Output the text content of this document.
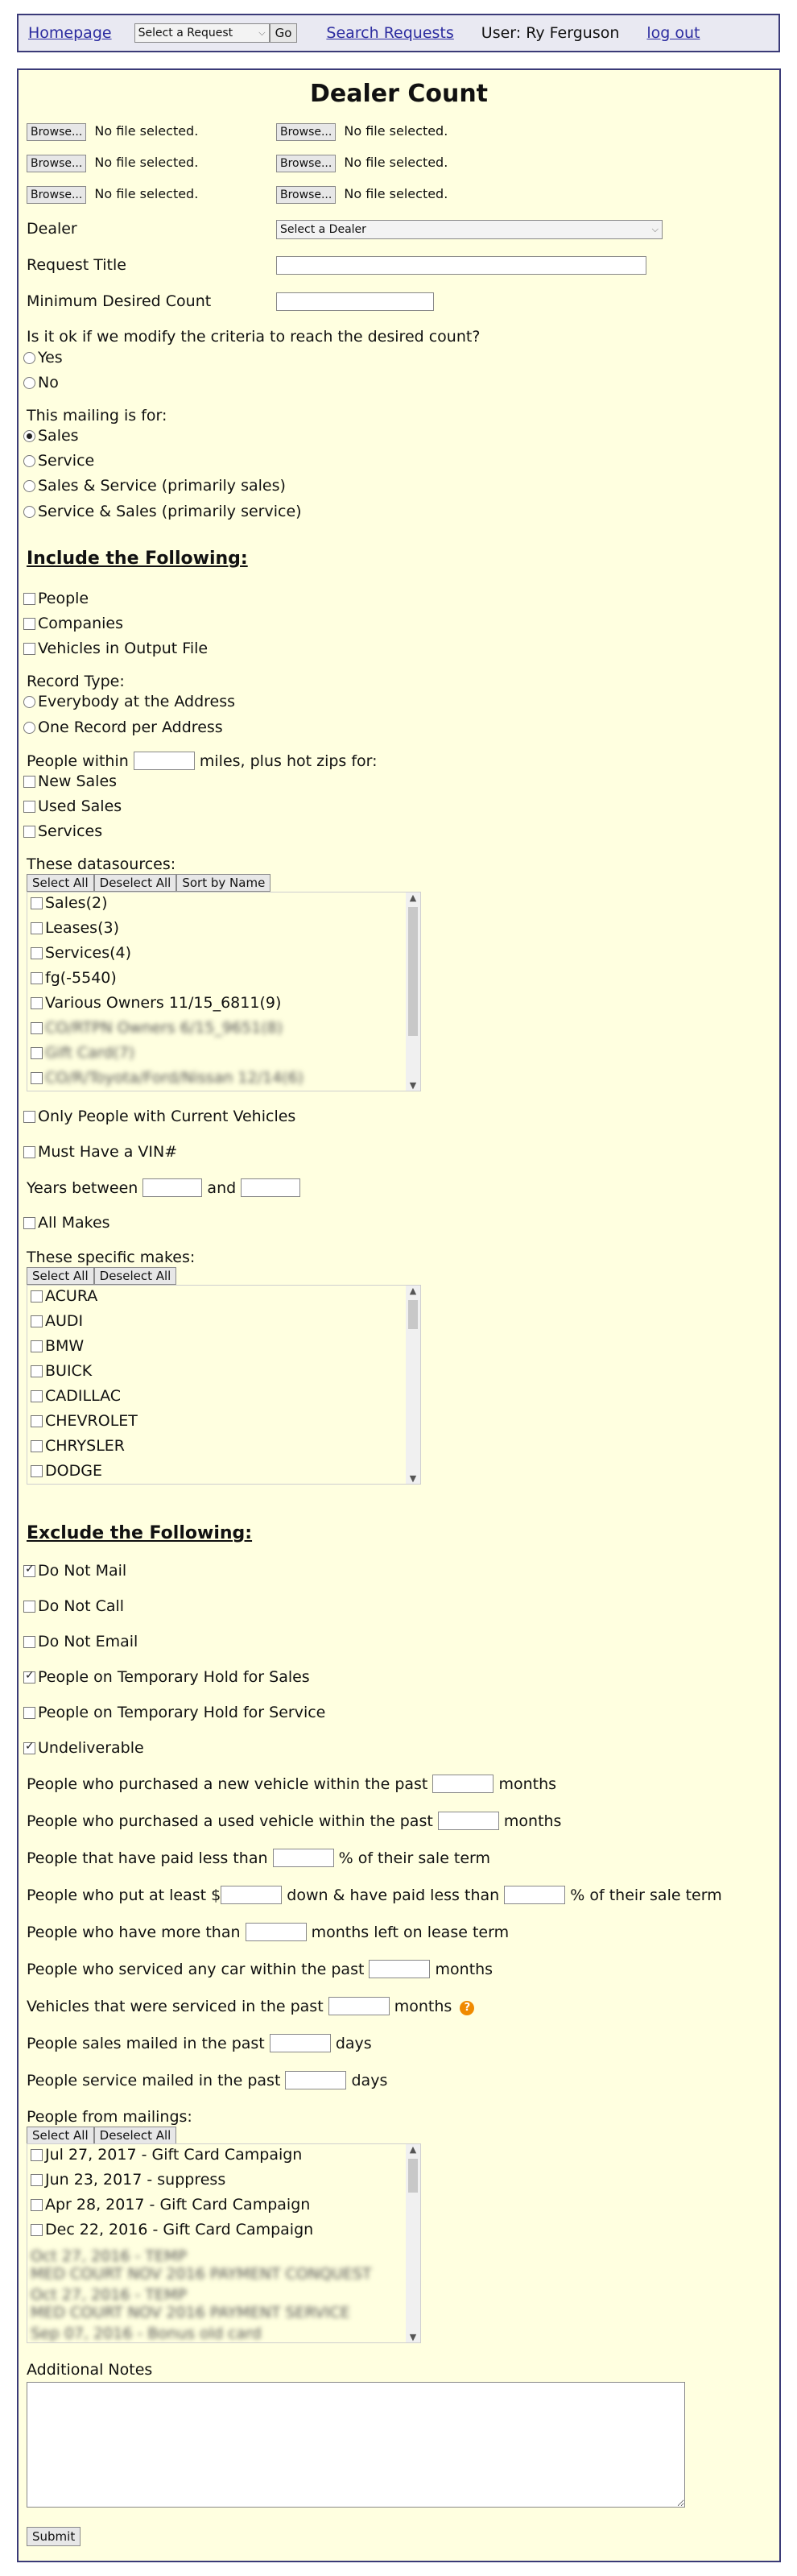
Homepage Select a Request	⌵ Go	Search Requests User: Ry Ferguson log out
Dealer Count
Browse... No file selected.	Browse... No file selected.
Browse... No file selected.	Browse... No file selected.
Browse... No file selected.	Browse... No file selected.
Dealer	Select a Dealer	⌵
Request Title
Minimum Desired Count
Is it ok if we modify the criteria to reach the desired count?
Yes
No
This mailing is for:
Sales
Service
Sales & Service (primarily sales)
Service & Sales (primarily service)
Include the Following:
People
Companies
Vehicles in Output File
Record Type:
Everybody at the Address
One Record per Address
People within	miles, plus hot zips for:
New Sales
Used Sales
Services
These datasources:
Select All Deselect All Sort by Name
Sales(2)
Leases(3)
Services(4)
fg(-5540)
Various Owners 11/15_6811(9)
CO/RTPN Owners 6/15_9651(8)
Gift Card(7)
CO/R/Toyota/Ford/Nissan 12/14(6)
▲
▼
Only People with Current Vehicles
Must Have a VIN#
Years between	and
All Makes
These specific makes:
Select All Deselect All
ACURA
AUDI
BMW
BUICK
CADILLAC
CHEVROLET
CHRYSLER
DODGE
▲
▼
Exclude the Following:
✓Do Not Mail
Do Not Call
Do Not Email
✓People on Temporary Hold for Sales
People on Temporary Hold for Service
✓Undeliverable
People who purchased a new vehicle within the past	months
People who purchased a used vehicle within the past	months
People that have paid less than	% of their sale term
People who put at least $	down & have paid less than	% of their sale term
People who have more than	months left on lease term
People who serviced any car within the past	months
Vehicles that were serviced in the past	months ?
People sales mailed in the past	days
People service mailed in the past	days
People from mailings:
Select All Deselect All
Jul 27, 2017 - Gift Card Campaign
Jun 23, 2017 - suppress
Apr 28, 2017 - Gift Card Campaign
Dec 22, 2016 - Gift Card Campaign
Oct 27, 2016 - TEMP
MED COURT NOV 2016 PAYMENT CONQUEST
Oct 27, 2016 - TEMP
MED COURT NOV 2016 PAYMENT SERVICE
Sep 07, 2016 - Bonus old card
▲
▼
Additional Notes
Submit
